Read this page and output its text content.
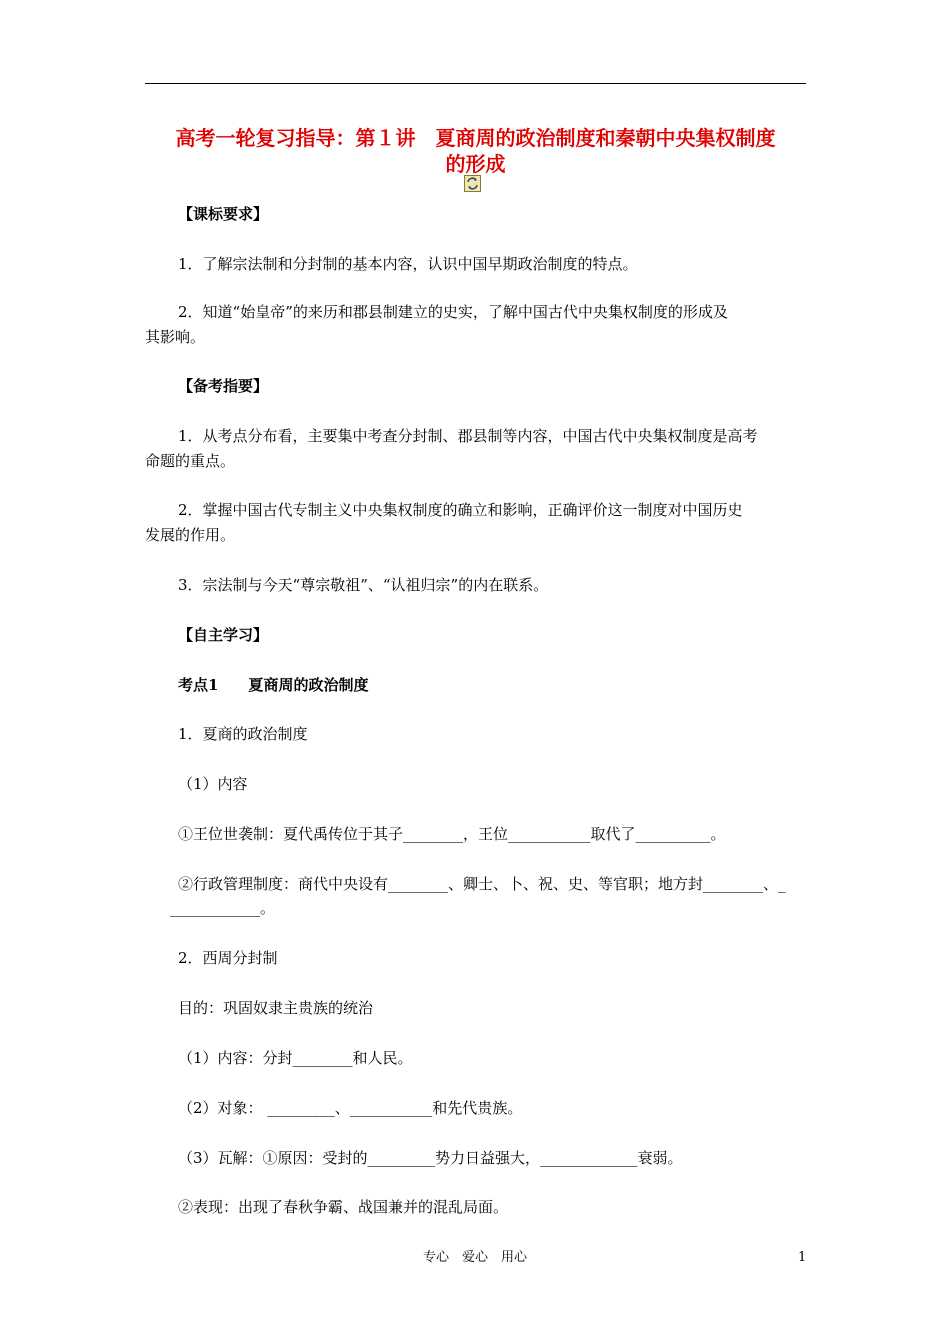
高考一轮复习指导：第１讲　夏商周的政治制度和秦朝中央集权制度
的形成
【课标要求】
1．了解宗法制和分封制的基本内容，认识中国早期政治制度的特点。
2．知道“始皇帝”的来历和郡县制建立的史实，了解中国古代中央集权制度的形成及
其影响。
【备考指要】
1．从考点分布看，主要集中考查分封制、郡县制等内容，中国古代中央集权制度是高考
命题的重点。
2．掌握中国古代专制主义中央集权制度的确立和影响，正确评价这一制度对中国历史
发展的作用。
3．宗法制与今天“尊宗敬祖”、“认祖归宗”的内在联系。
【自主学习】
考点1　　夏商周的政治制度
1．夏商的政治制度
（1）内容
①王位世袭制：夏代禹传位于其子________，王位___________取代了__________。
②行政管理制度：商代中央设有________、卿士、卜、祝、史、等官职；地方封________、_
____________。
2．西周分封制
目的：巩固奴隶主贵族的统治
（1）内容：分封________和人民。
（2）对象： _________、___________和先代贵族。
（3）瓦解：①原因：受封的_________势力日益强大，_____________衰弱。
②表现：出现了春秋争霸、战国兼并的混乱局面。
专心　爱心　用心	1
